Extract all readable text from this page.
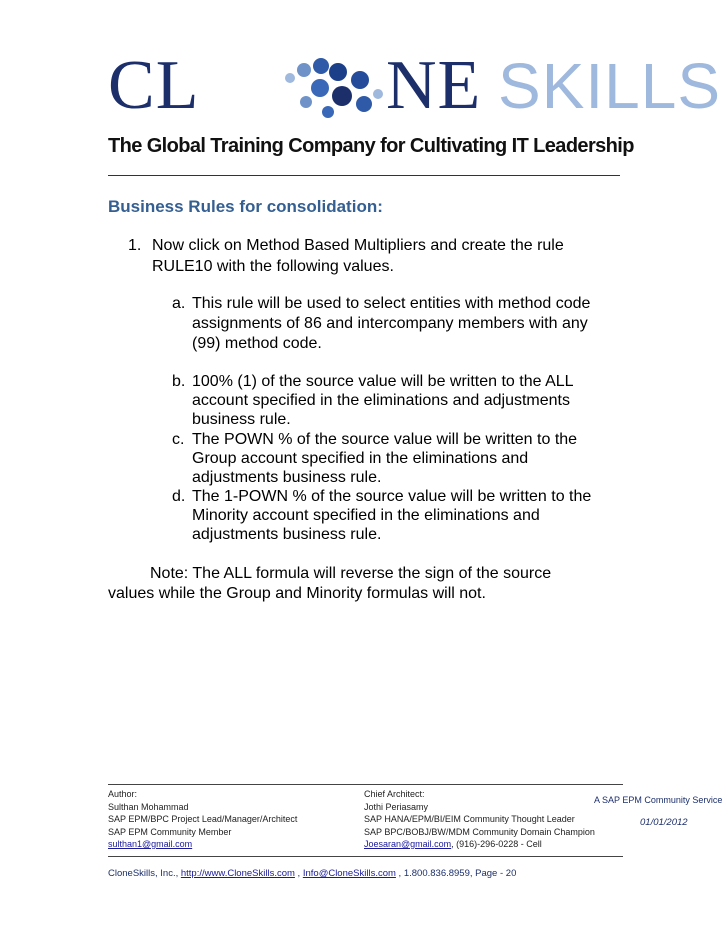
CL	NE SKILLS
The Global Training Company for Cultivating IT Leadership
Business Rules for consolidation:
1. Now click on Method Based Multipliers and create the rule
RULE10 with the following values.
a. This rule will be used to select entities with method code
assignments of 86 and intercompany members with any
(99) method code.
b. 100% (1) of the source value will be written to the ALL
account specified in the eliminations and adjustments
business rule.
c. The POWN % of the source value will be written to the
Group account specified in the eliminations and
adjustments business rule.
d. The 1-POWN % of the source value will be written to the
Minority account specified in the eliminations and
adjustments business rule.
Note: The ALL formula will reverse the sign of the source
values while the Group and Minority formulas will not.
Author:
Sulthan Mohammad
SAP EPM/BPC Project Lead/Manager/Architect
SAP EPM Community Member
sulthan1@gmail.com
Chief Architect:
Jothi Periasamy
SAP HANA/EPM/BI/EIM Community Thought Leader
SAP BPC/BOBJ/BW/MDM Community Domain Champion
Joesaran@gmail.com, (916)-296-0228 - Cell
A SAP EPM Community Service
01/01/2012
CloneSkills, Inc., http://www.CloneSkills.com , Info@CloneSkills.com , 1.800.836.8959, Page - 20
